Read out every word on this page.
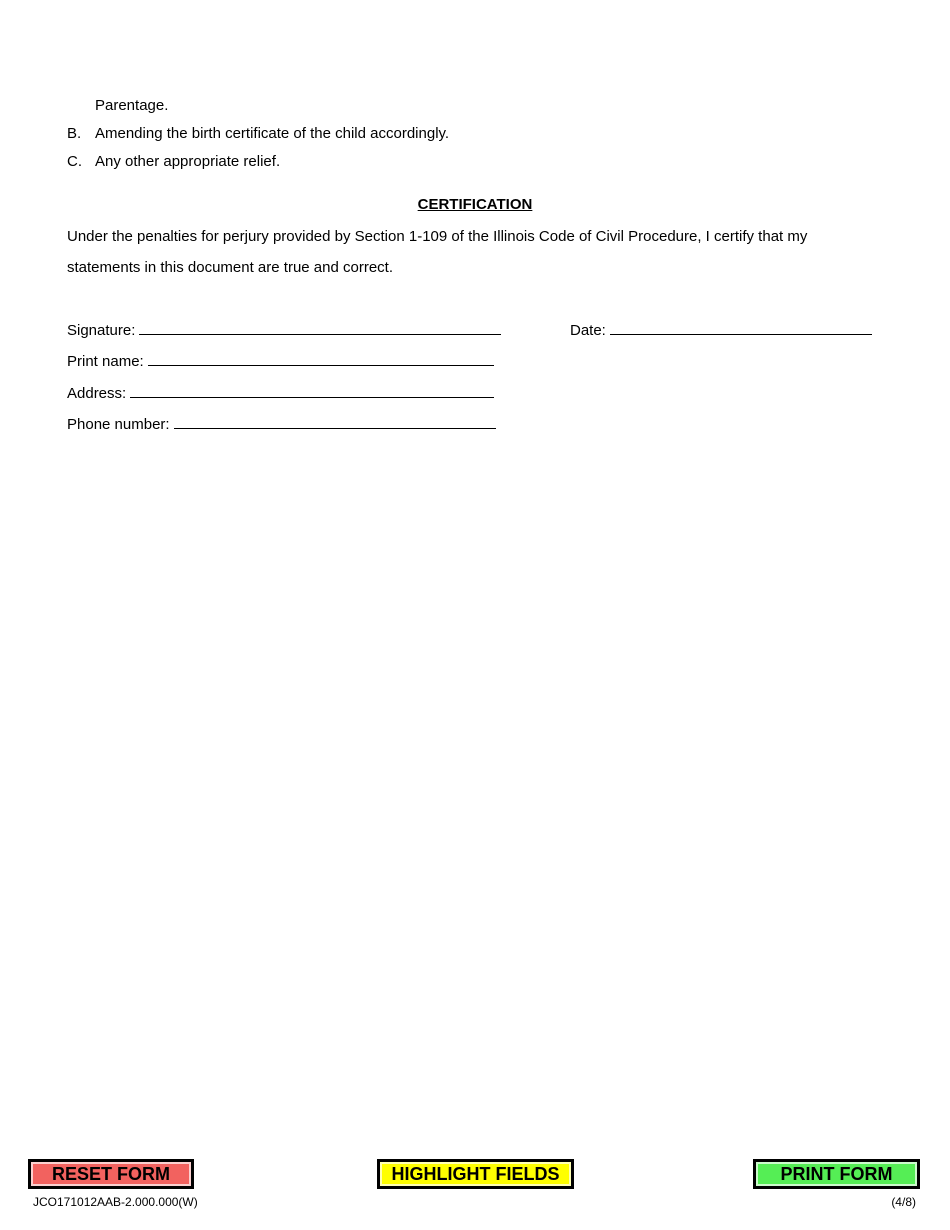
Parentage.
B. Amending the birth certificate of the child accordingly.
C. Any other appropriate relief.
CERTIFICATION
Under the penalties for perjury provided by Section 1-109 of the Illinois Code of Civil Procedure, I certify that my
statements in this document are true and correct.
Signature:	Date:
Print name:
Address:
Phone number:
RESET FORM	HIGHLIGHT FIELDS	PRINT FORM
JCO171012AAB-2.000.000(W)	(4/8)
